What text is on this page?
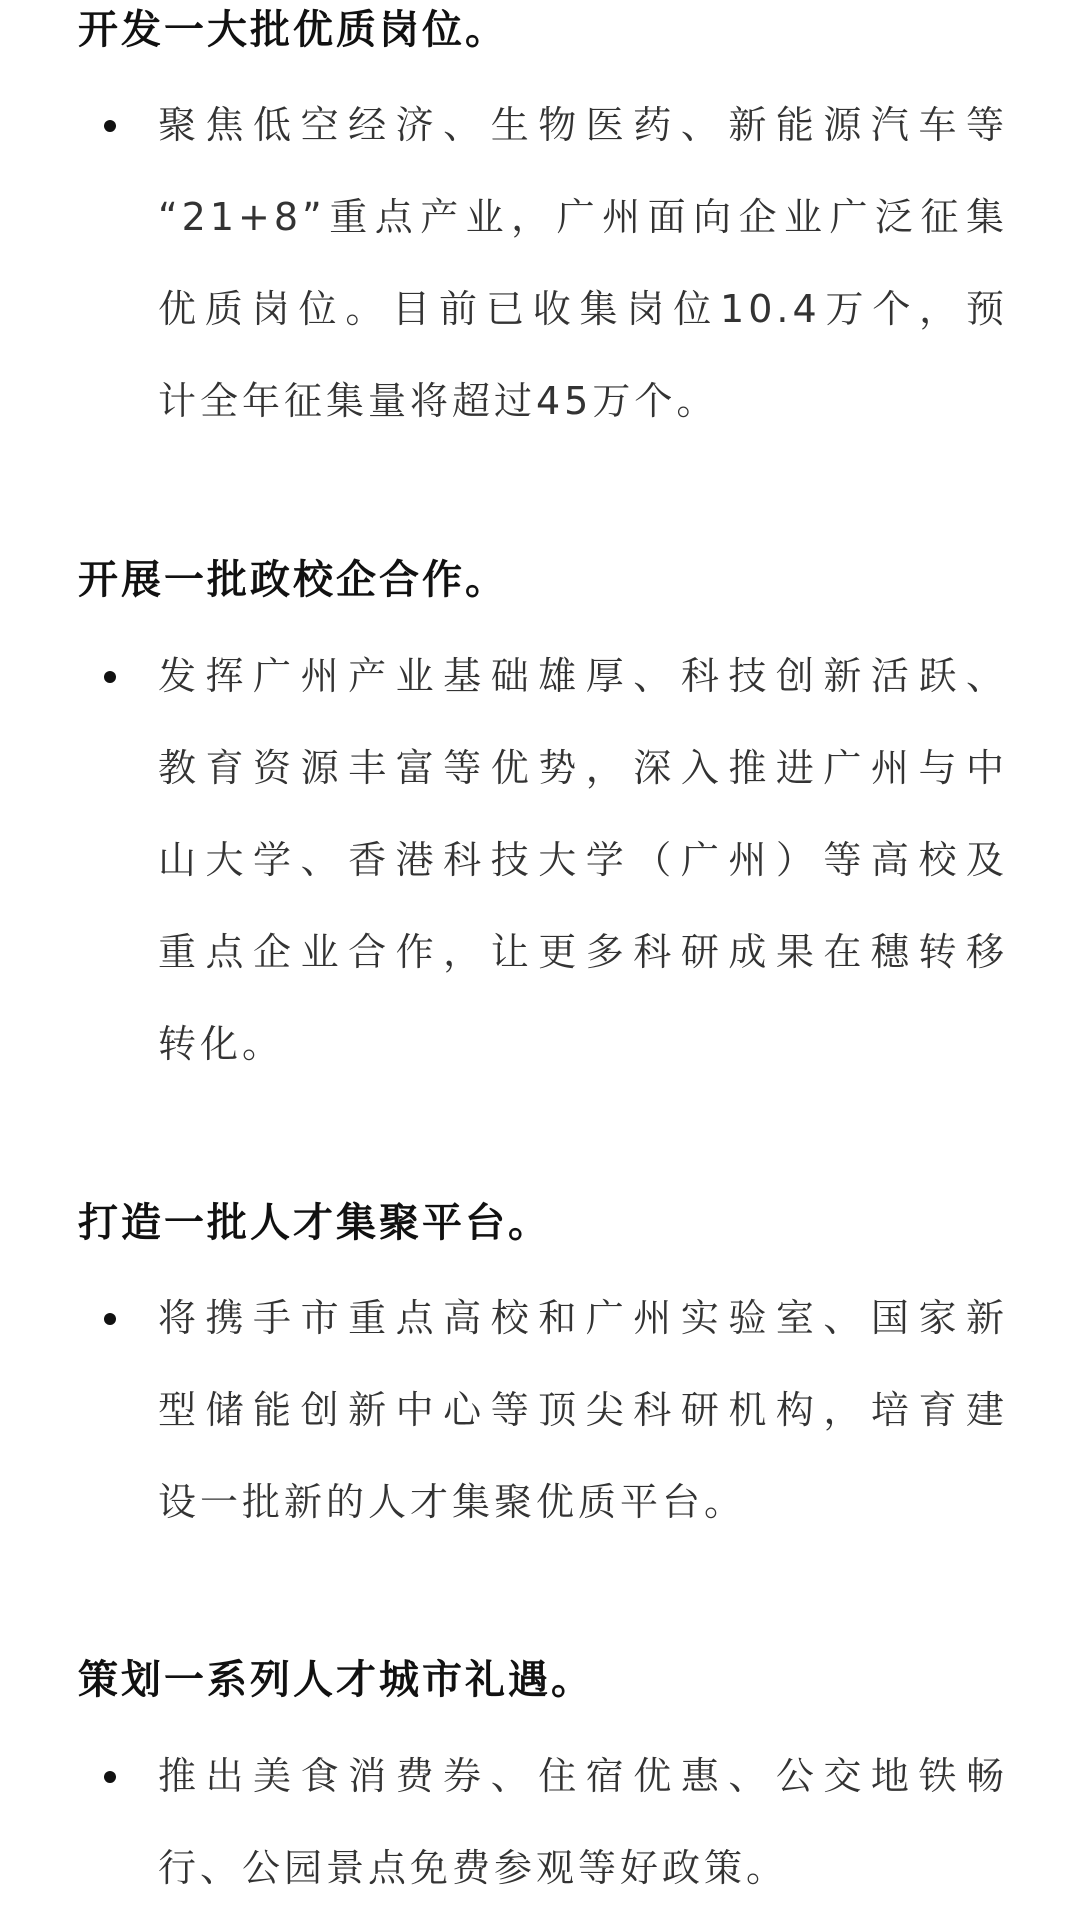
开发一大批优质岗位。
聚焦低空经济、生物医药、新能源汽车等
“21+8”重点产业，广州面向企业广泛征集
优质岗位。目前已收集岗位10.4万个，预
计全年征集量将超过45万个。
开展一批政校企合作。
发挥广州产业基础雄厚、科技创新活跃、
教育资源丰富等优势，深入推进广州与中
山大学、香港科技大学（广州）等高校及
重点企业合作，让更多科研成果在穗转移
转化。
打造一批人才集聚平台。
将携手市重点高校和广州实验室、国家新
型储能创新中心等顶尖科研机构，培育建
设一批新的人才集聚优质平台。
策划一系列人才城市礼遇。
推出美食消费券、住宿优惠、公交地铁畅
行、公园景点免费参观等好政策。
